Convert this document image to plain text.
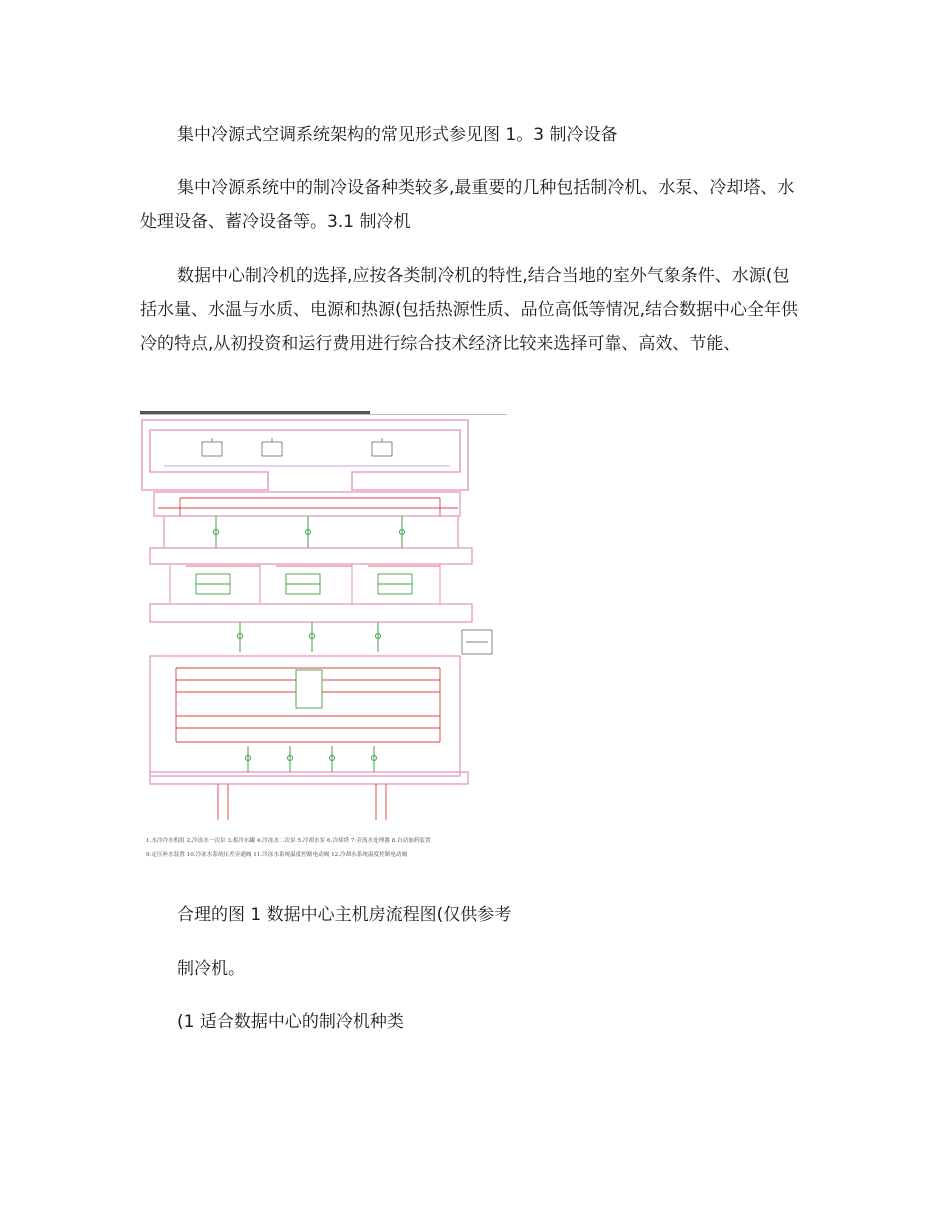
集中冷源式空调系统架构的常见形式参见图 1。3 制冷设备

集中冷源系统中的制冷设备种类较多,最重要的几种包括制冷机、水泵、冷却塔、水处理设备、蓄冷设备等。3.1 制冷机

数据中心制冷机的选择,应按各类制冷机的特性,结合当地的室外气象条件、水源(包括水量、水温与水质、电源和热源(包括热源性质、品位高低等情况,结合数据中心全年供冷的特点,从初投资和运行费用进行综合技术经济比较来选择可靠、高效、节能、

1.水冷冷水机组 2.冷冻水一次泵 3.蓄冷水罐 4.冷冻水二次泵 5.冷却水泵 6.冷却塔 7.旁流水处理器 8.自动加药装置
9.定压补水装置 10.冷冻水系统压差旁通阀 11.冷冻水系统温度控制电动阀 12.冷却水系统温度控制电动阀

合理的图 1 数据中心主机房流程图(仅供参考

制冷机。

(1 适合数据中心的制冷机种类
